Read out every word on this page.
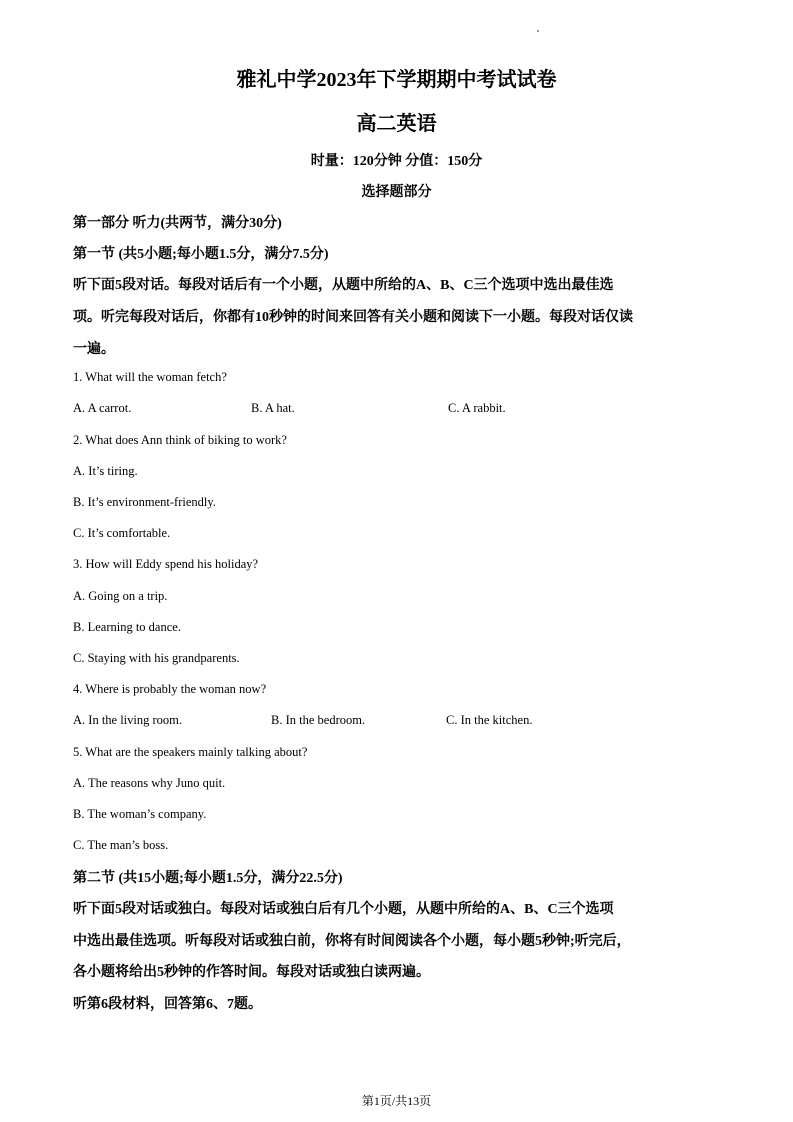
雅礼中学2023年下学期期中考试试卷
高二英语
时量：120分钟 分值：150分
选择题部分
第一部分 听力(共两节，满分30分)
第一节 (共5小题;每小题1.5分，满分7.5分)
听下面5段对话。每段对话后有一个小题，从题中所给的A、B、C三个选项中选出最佳选
项。听完每段对话后，你都有10秒钟的时间来回答有关小题和阅读下一小题。每段对话仅读
一遍。
1. What will the woman fetch?
A. A carrot.	B. A hat.	C. A rabbit.
2. What does Ann think of biking to work?
A. It’s tiring.
B. It’s environment-friendly.
C. It’s comfortable.
3. How will Eddy spend his holiday?
A. Going on a trip.
B. Learning to dance.
C. Staying with his grandparents.
4. Where is probably the woman now?
A. In the living room.	B. In the bedroom.	C. In the kitchen.
5. What are the speakers mainly talking about?
A. The reasons why Juno quit.
B. The woman’s company.
C. The man’s boss.
第二节 (共15小题;每小题1.5分，满分22.5分)
听下面5段对话或独白。每段对话或独白后有几个小题，从题中所给的A、B、C三个选项
中选出最佳选项。听每段对话或独白前，你将有时间阅读各个小题，每小题5秒钟;听完后，
各小题将给出5秒钟的作答时间。每段对话或独白读两遍。
听第6段材料，回答第6、7题。
第1页/共13页
